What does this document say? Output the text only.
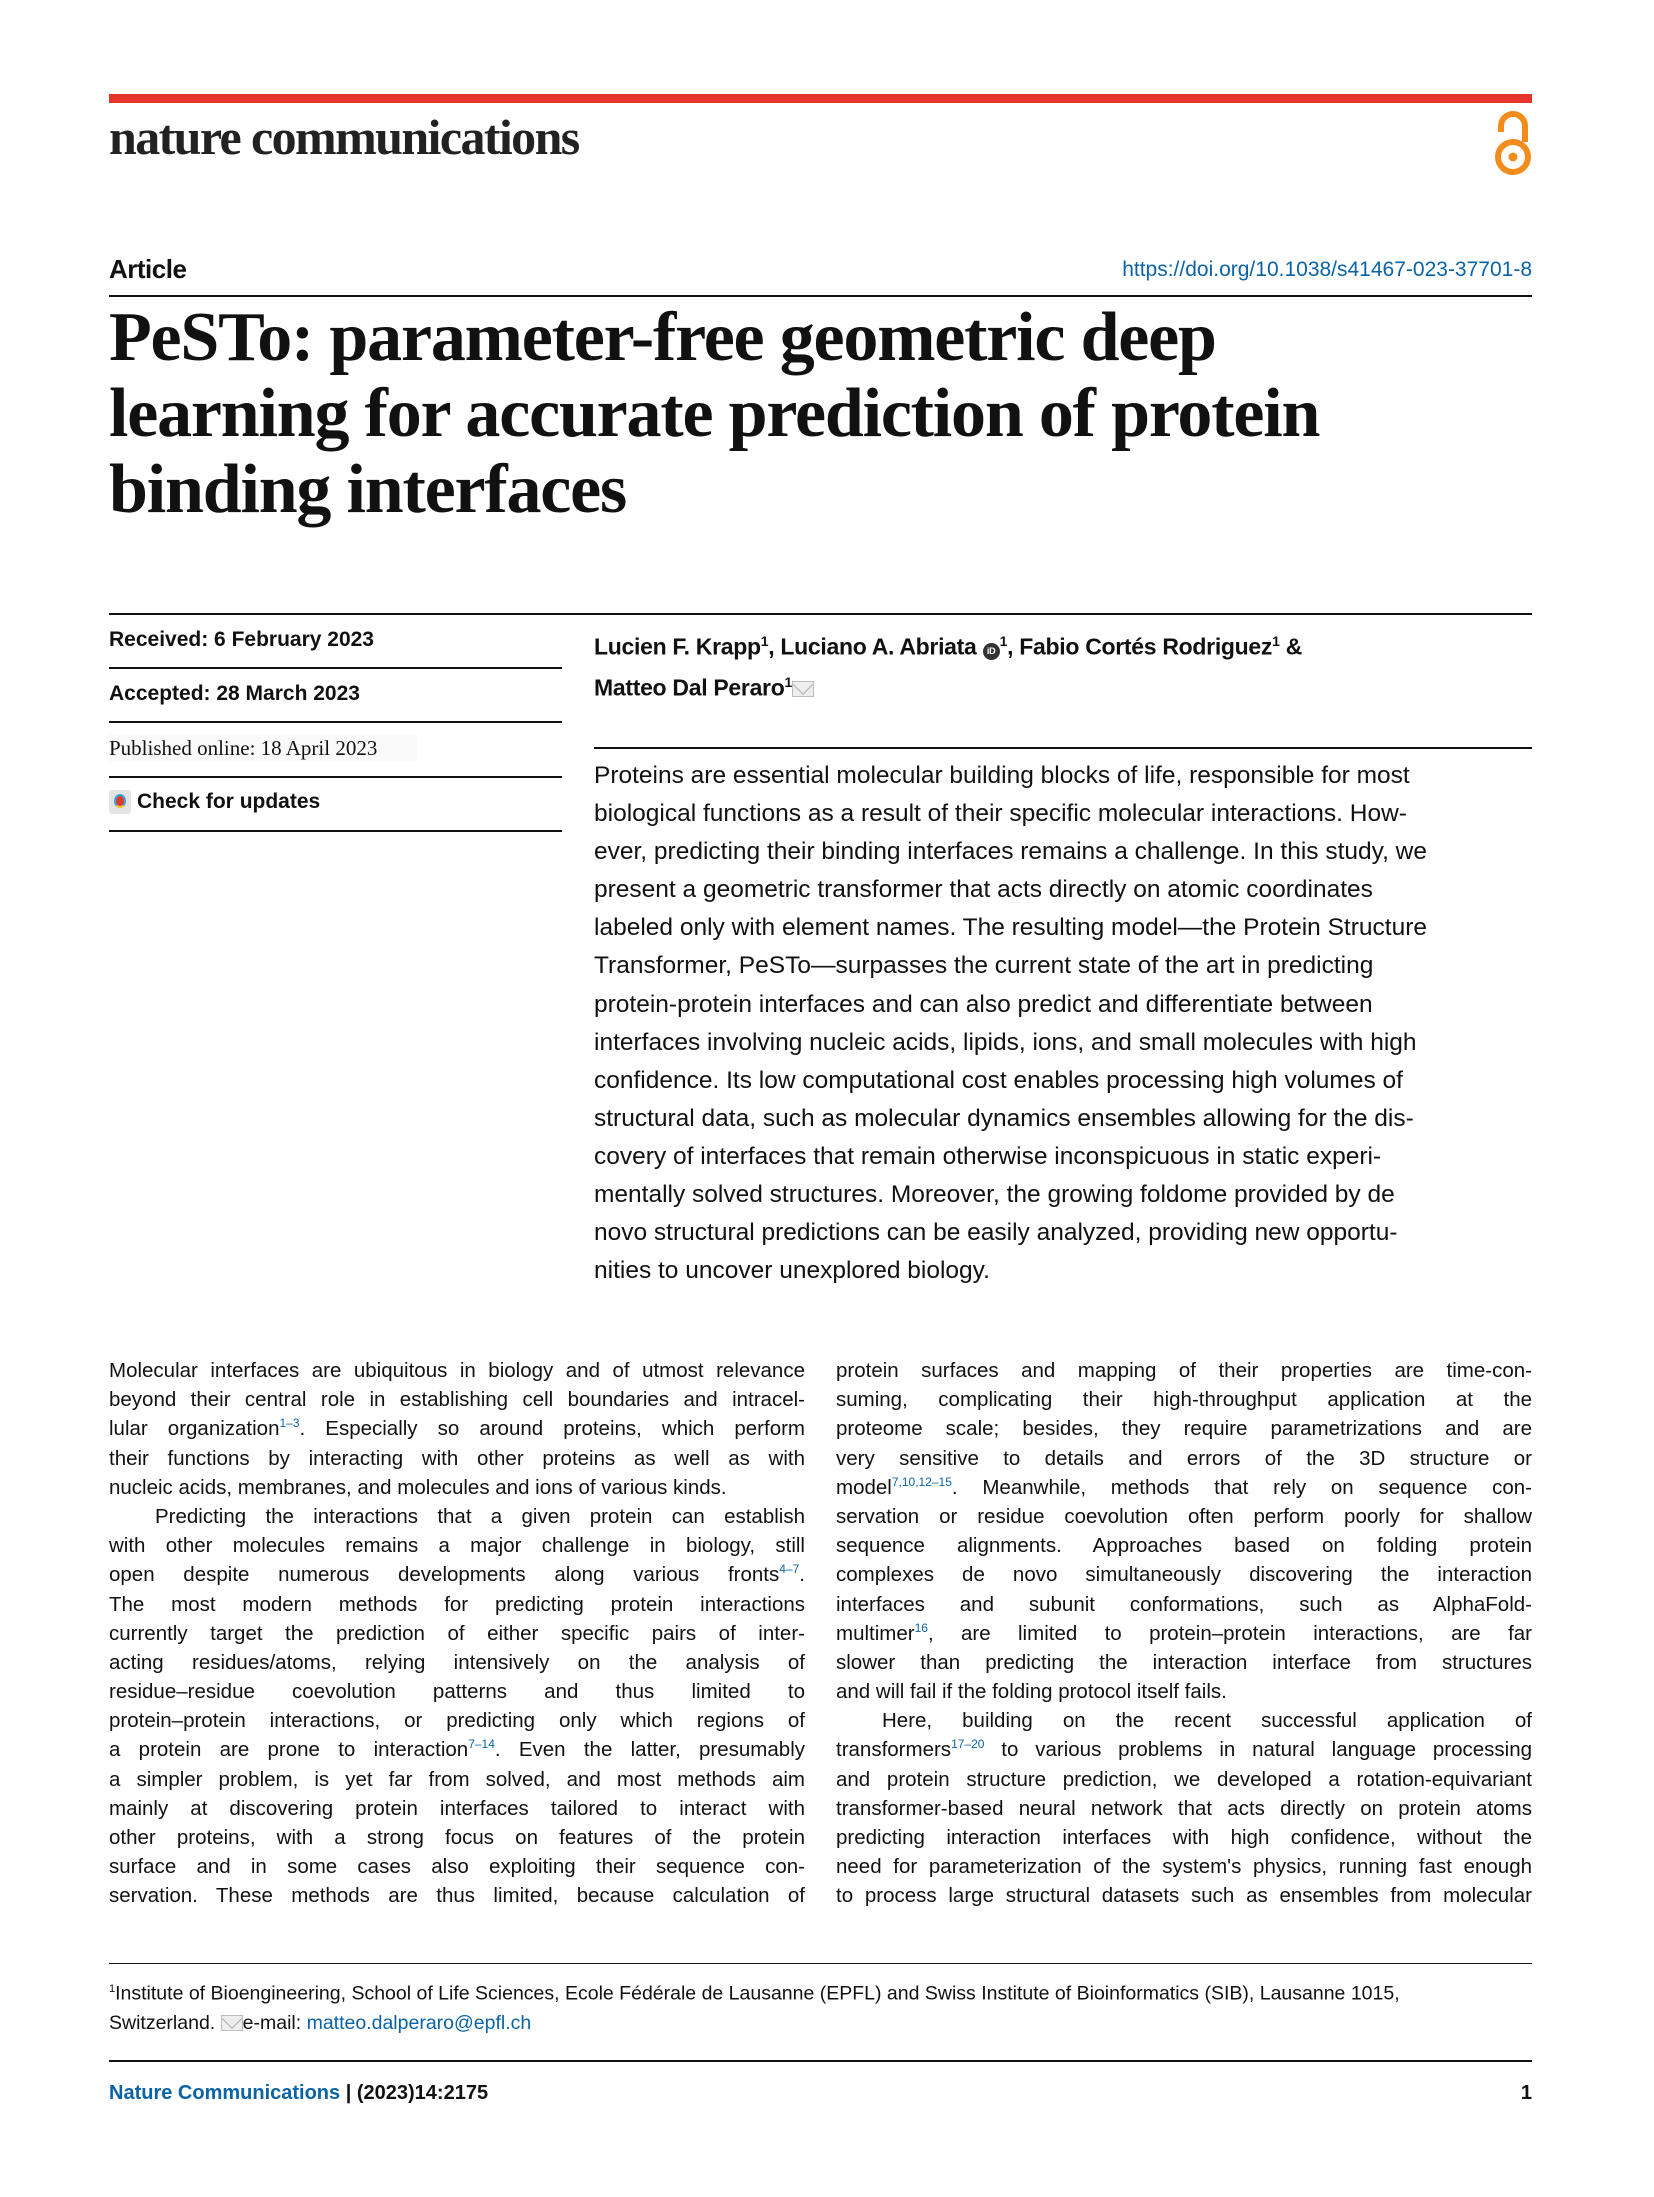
nature communications
Article	https://doi.org/10.1038/s41467-023-37701-8
PeSTo: parameter-free geometric deep
learning for accurate prediction of protein
binding interfaces
Received: 6 February 2023
Accepted: 28 March 2023
Published online: 18 April 2023
Check for updates
Lucien F. Krapp$^1$, Luciano A. Abriata $iD^1$, Fabio Cortés Rodriguez$^1$ &
Matteo Dal Peraro$^1$
Proteins are essential molecular building blocks of life, responsible for most
biological functions as a result of their specific molecular interactions. How-
ever, predicting their binding interfaces remains a challenge. In this study, we
present a geometric transformer that acts directly on atomic coordinates
labeled only with element names. The resulting model—the Protein Structure
Transformer, PeSTo—surpasses the current state of the art in predicting
protein-protein interfaces and can also predict and differentiate between
interfaces involving nucleic acids, lipids, ions, and small molecules with high
confidence. Its low computational cost enables processing high volumes of
structural data, such as molecular dynamics ensembles allowing for the dis-
covery of interfaces that remain otherwise inconspicuous in static experi-
mentally solved structures. Moreover, the growing foldome provided by de
novo structural predictions can be easily analyzed, providing new opportu-
nities to uncover unexplored biology.
Molecular interfaces are ubiquitous in biology and of utmost relevance
beyond their central role in establishing cell boundaries and intracel-
lular organization$^{1-3}$. Especially so around proteins, which perform
their functions by interacting with other proteins as well as with
nucleic acids, membranes, and molecules and ions of various kinds.
Predicting the interactions that a given protein can establish
with other molecules remains a major challenge in biology, still
open despite numerous developments along various fronts$^{4-7}$.
The most modern methods for predicting protein interactions
currently target the prediction of either specific pairs of inter-
acting residues/atoms, relying intensively on the analysis of
residue–residue coevolution patterns and thus limited to
protein–protein interactions, or predicting only which regions of
a protein are prone to interaction$^{7-14}$. Even the latter, presumably
a simpler problem, is yet far from solved, and most methods aim
mainly at discovering protein interfaces tailored to interact with
other proteins, with a strong focus on features of the protein
surface and in some cases also exploiting their sequence con-
servation. These methods are thus limited, because calculation of
protein surfaces and mapping of their properties are time-con-
suming, complicating their high-throughput application at the
proteome scale; besides, they require parametrizations and are
very sensitive to details and errors of the 3D structure or
model$^{7,10,12-15}$. Meanwhile, methods that rely on sequence con-
servation or residue coevolution often perform poorly for shallow
sequence alignments. Approaches based on folding protein
complexes de novo simultaneously discovering the interaction
interfaces and subunit conformations, such as AlphaFold-
multimer$^{16}$, are limited to protein–protein interactions, are far
slower than predicting the interaction interface from structures
and will fail if the folding protocol itself fails.
Here, building on the recent successful application of
transformers$^{17-20}$ to various problems in natural language processing
and protein structure prediction, we developed a rotation-equivariant
transformer-based neural network that acts directly on protein atoms
predicting interaction interfaces with high confidence, without the
need for parameterization of the system's physics, running fast enough
to process large structural datasets such as ensembles from molecular
$^1$Institute of Bioengineering, School of Life Sciences, Ecole Fédérale de Lausanne (EPFL) and Swiss Institute of Bioinformatics (SIB), Lausanne 1015,
Switzerland. e-mail: matteo.dalperaro@epfl.ch
Nature Communications | (2023)14:2175	1
